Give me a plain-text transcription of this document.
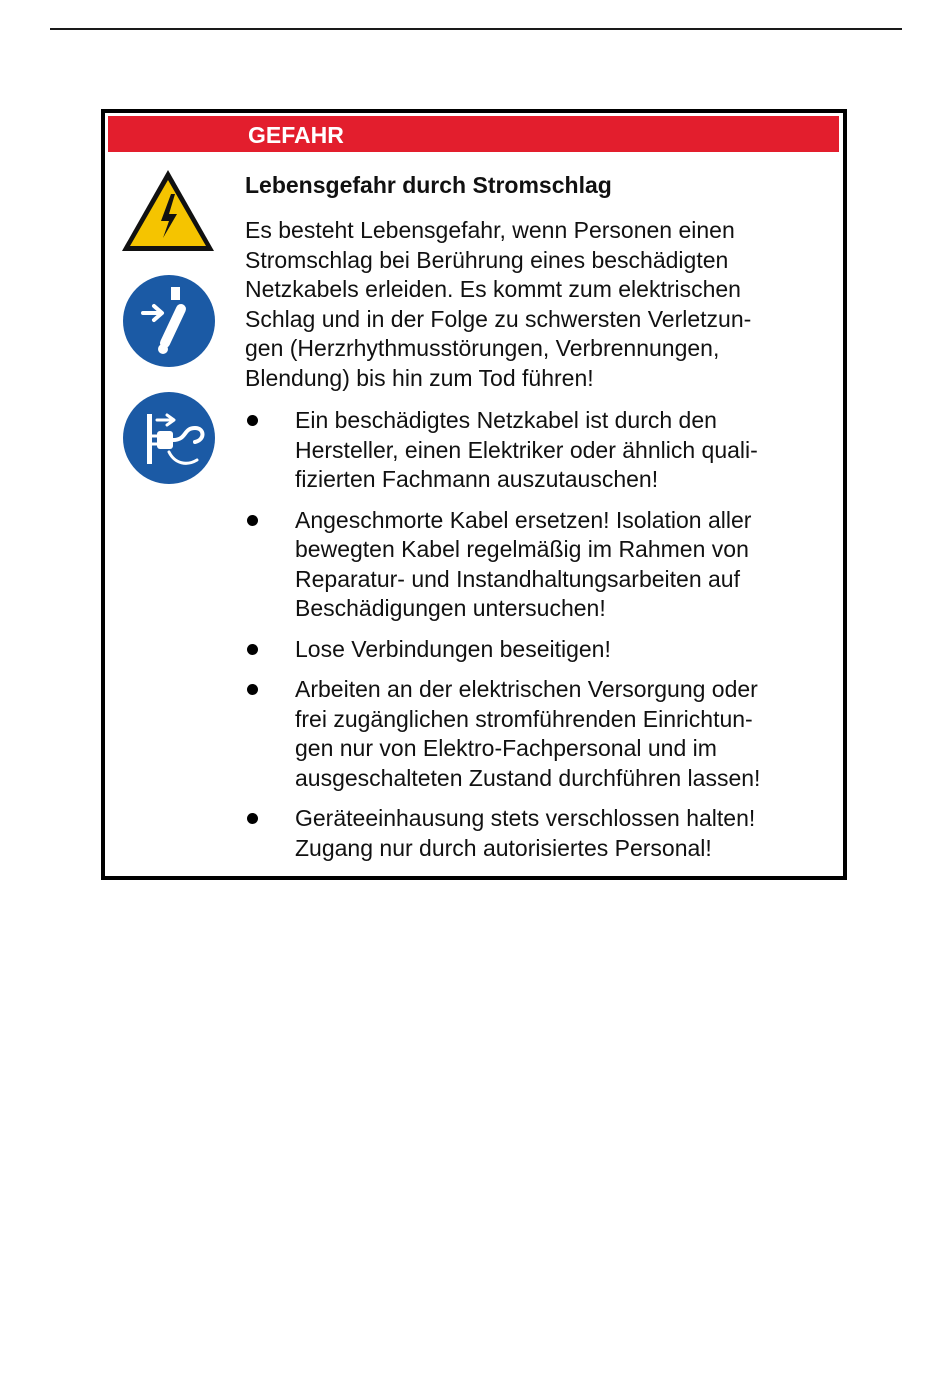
GEFAHR

Lebensgefahr durch Stromschlag

Es besteht Lebensgefahr, wenn Personen einen
Stromschlag bei Berührung eines beschädigten
Netzkabels erleiden. Es kommt zum elektrischen
Schlag und in der Folge zu schwersten Verletzun-
gen (Herzrhythmusstörungen, Verbrennungen,
Blendung) bis hin zum Tod führen!

Ein beschädigtes Netzkabel ist durch den
Hersteller, einen Elektriker oder ähnlich quali-
fizierten Fachmann auszutauschen!
Angeschmorte Kabel ersetzen! Isolation aller
bewegten Kabel regelmäßig im Rahmen von
Reparatur- und Instandhaltungsarbeiten auf
Beschädigungen untersuchen!
Lose Verbindungen beseitigen!
Arbeiten an der elektrischen Versorgung oder
frei zugänglichen stromführenden Einrichtun-
gen nur von Elektro-Fachpersonal und im
ausgeschalteten Zustand durchführen lassen!
Geräteeinhausung stets verschlossen halten!
Zugang nur durch autorisiertes Personal!
